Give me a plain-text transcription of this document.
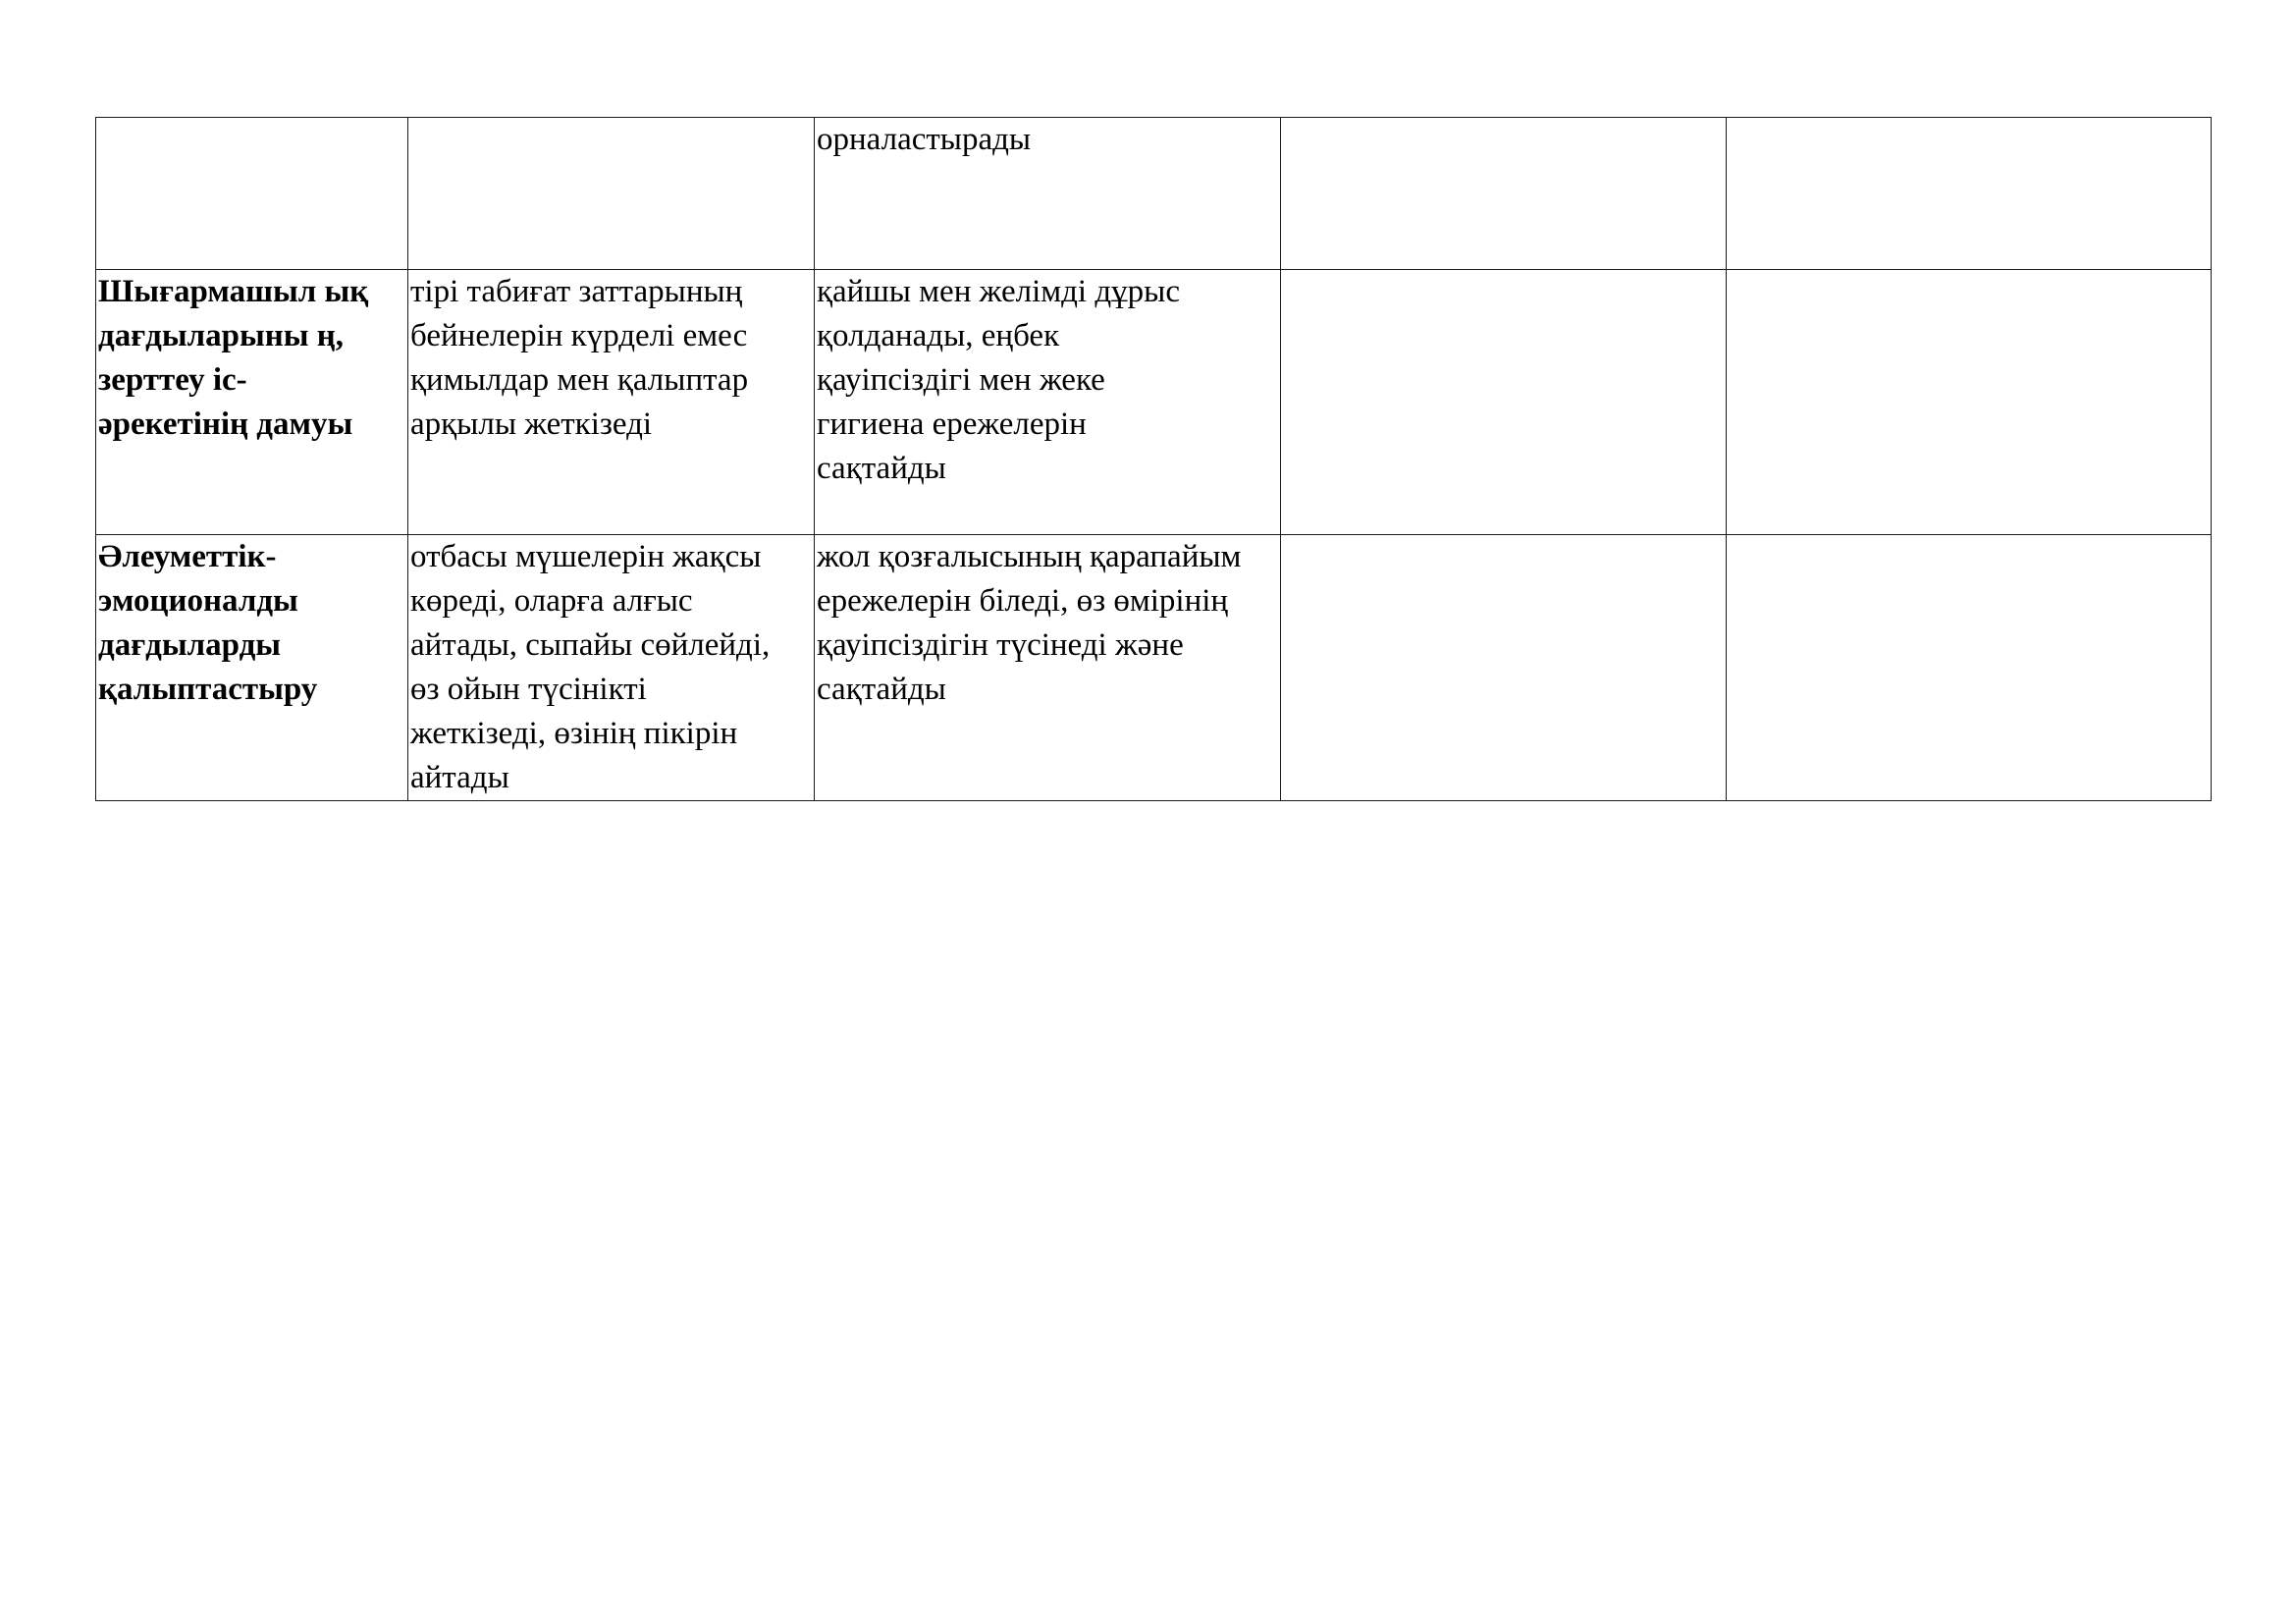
		орналастырады		

Шығармашыл ық дағдыларыны ң, зерттеу іс-әрекетінің дамуы	тірі табиғат заттарының бейнелерін күрделі емес қимылдар мен қалыптар арқылы жеткізеді	қайшы мен желімді дұрыс қолданады, еңбек қауіпсіздігі мен жеке гигиена ережелерін сақтайды		

Әлеуметтік-эмоционалды дағдыларды қалыптастыру	отбасы мүшелерін жақсы көреді, оларға алғыс айтады, сыпайы сөйлейді, өз ойын түсінікті жеткізеді, өзінің пікірін айтады	жол қозғалысының қарапайым ережелерін біледі, өз өмірінің қауіпсіздігін түсінеді және сақтайды		
